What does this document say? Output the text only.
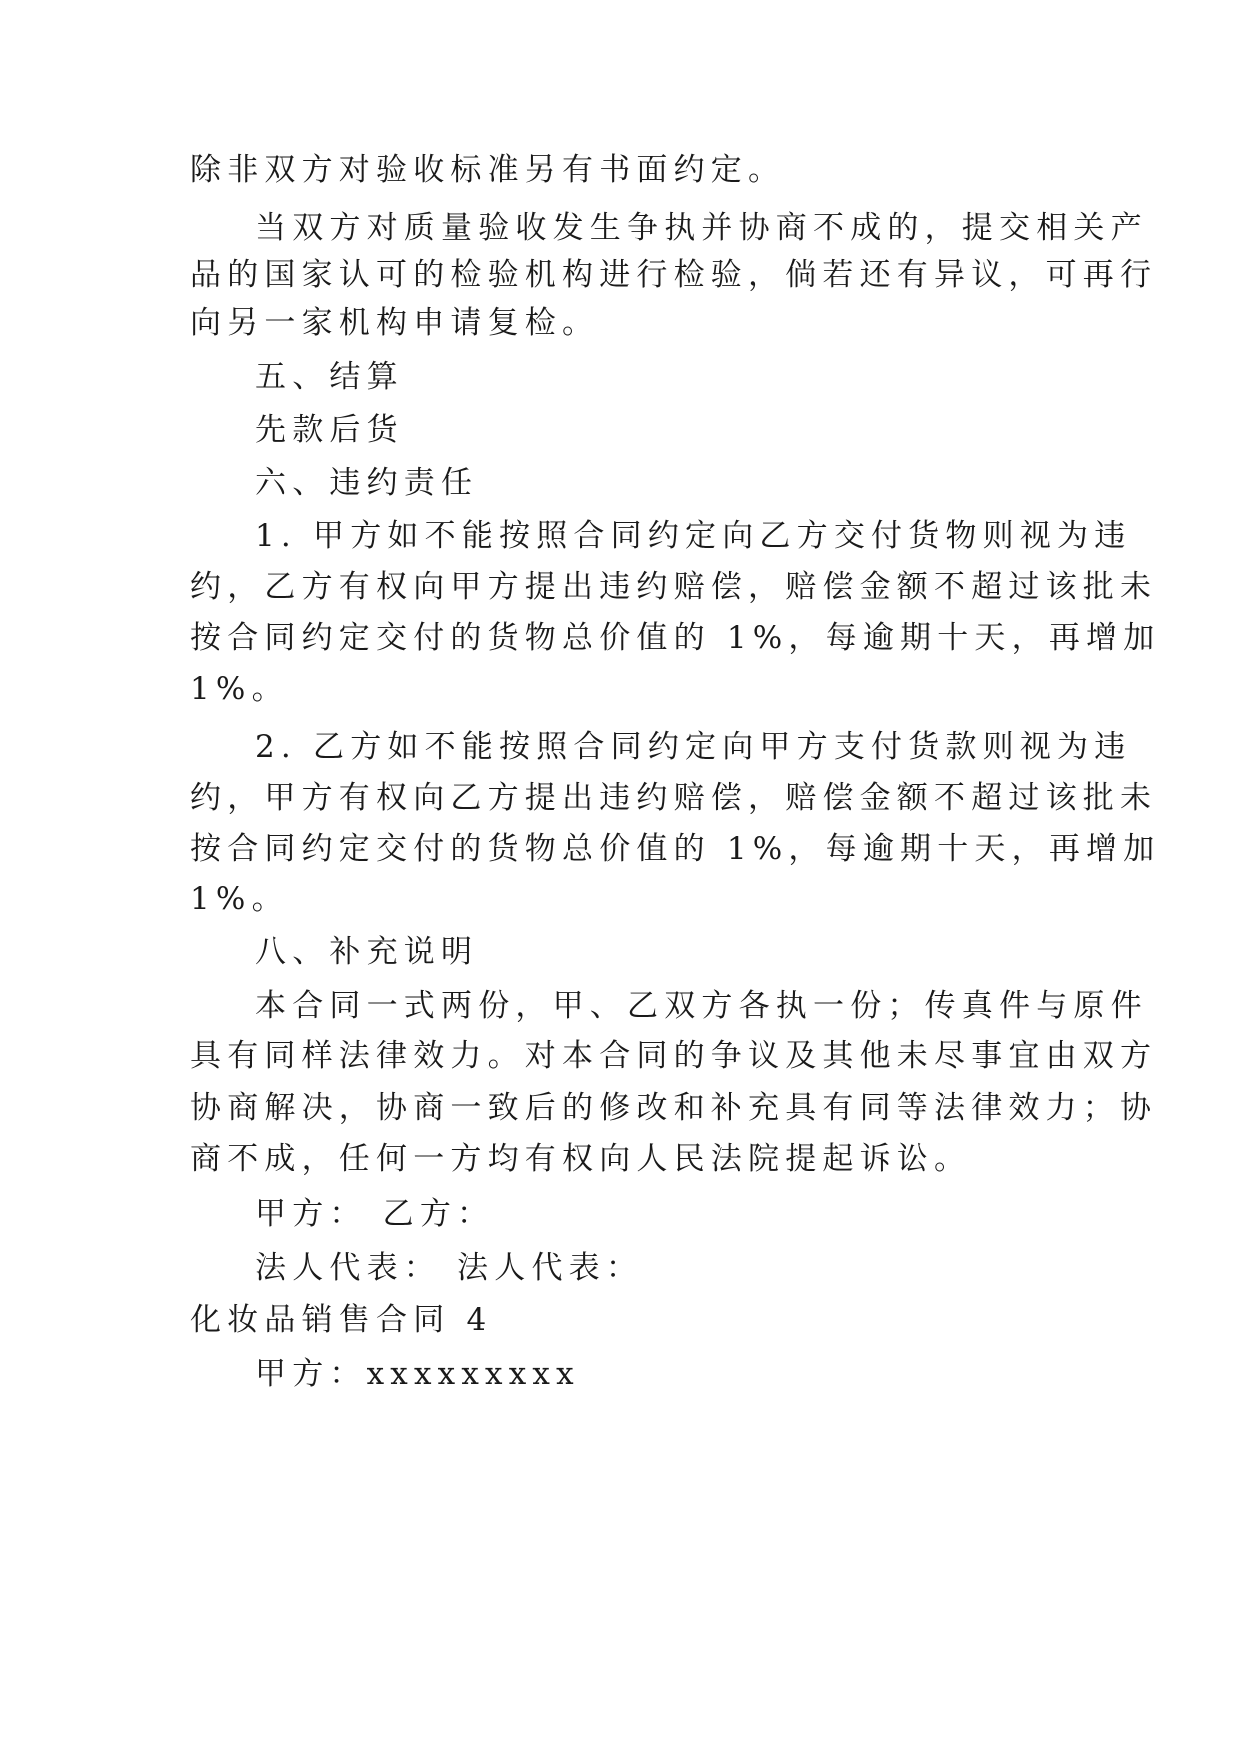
除非双方对验收标准另有书面约定。

当双方对质量验收发生争执并协商不成的，提交相关产

品的国家认可的检验机构进行检验，倘若还有异议，可再行

向另一家机构申请复检。

五、结算

先款后货

六、违约责任

1. 甲方如不能按照合同约定向乙方交付货物则视为违

约，乙方有权向甲方提出违约赔偿，赔偿金额不超过该批未

按合同约定交付的货物总价值的 1%，每逾期十天，再增加

1%。

2. 乙方如不能按照合同约定向甲方支付货款则视为违

约，甲方有权向乙方提出违约赔偿，赔偿金额不超过该批未

按合同约定交付的货物总价值的 1%，每逾期十天，再增加

1%。

八、补充说明

本合同一式两份，甲、乙双方各执一份；传真件与原件

具有同样法律效力。对本合同的争议及其他未尽事宜由双方

协商解决，协商一致后的修改和补充具有同等法律效力；协

商不成，任何一方均有权向人民法院提起诉讼。

甲方： 乙方：

法人代表： 法人代表：

化妆品销售合同 4

甲方：xxxxxxxxx
